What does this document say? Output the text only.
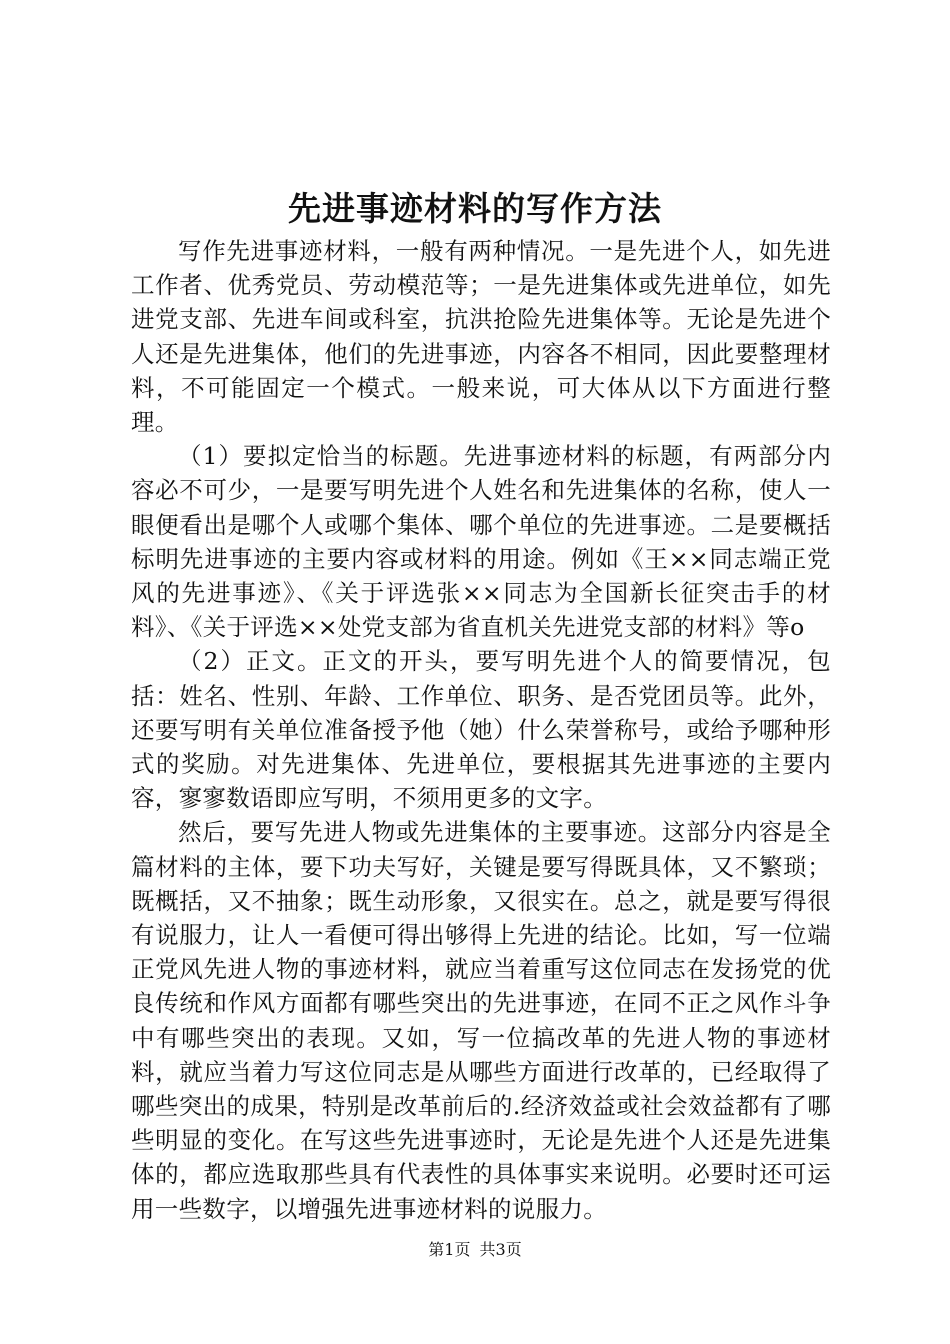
先进事迹材料的写作方法

写作先进事迹材料，一般有两种情况。一是先进个人，如先进工作者、优秀党员、劳动模范等；一是先进集体或先进单位，如先进党支部、先进车间或科室，抗洪抢险先进集体等。无论是先进个人还是先进集体，他们的先进事迹，内容各不相同，因此要整理材料，不可能固定一个模式。一般来说，可大体从以下方面进行整理。

（1）要拟定恰当的标题。先进事迹材料的标题，有两部分内容必不可少，一是要写明先进个人姓名和先进集体的名称，使人一眼便看出是哪个人或哪个集体、哪个单位的先进事迹。二是要概括标明先进事迹的主要内容或材料的用途。例如《王××同志端正党风的先进事迹》、《关于评选张××同志为全国新长征突击手的材料》、《关于评选××处党支部为省直机关先进党支部的材料》等o

（2）正文。正文的开头，要写明先进个人的简要情况，包括：姓名、性别、年龄、工作单位、职务、是否党团员等。此外，还要写明有关单位准备授予他（她）什么荣誉称号，或给予哪种形式的奖励。对先进集体、先进单位，要根据其先进事迹的主要内容，寥寥数语即应写明，不须用更多的文字。

然后，要写先进人物或先进集体的主要事迹。这部分内容是全篇材料的主体，要下功夫写好，关键是要写得既具体，又不繁琐；既概括，又不抽象；既生动形象，又很实在。总之，就是要写得很有说服力，让人一看便可得出够得上先进的结论。比如，写一位端正党风先进人物的事迹材料，就应当着重写这位同志在发扬党的优良传统和作风方面都有哪些突出的先进事迹，在同不正之风作斗争中有哪些突出的表现。又如，写一位搞改革的先进人物的事迹材料，就应当着力写这位同志是从哪些方面进行改革的，已经取得了哪些突出的成果，特别是改革前后的.经济效益或社会效益都有了哪些明显的变化。在写这些先进事迹时，无论是先进个人还是先进集体的，都应选取那些具有代表性的具体事实来说明。必要时还可运用一些数字，以增强先进事迹材料的说服力。

第1页 共3页
